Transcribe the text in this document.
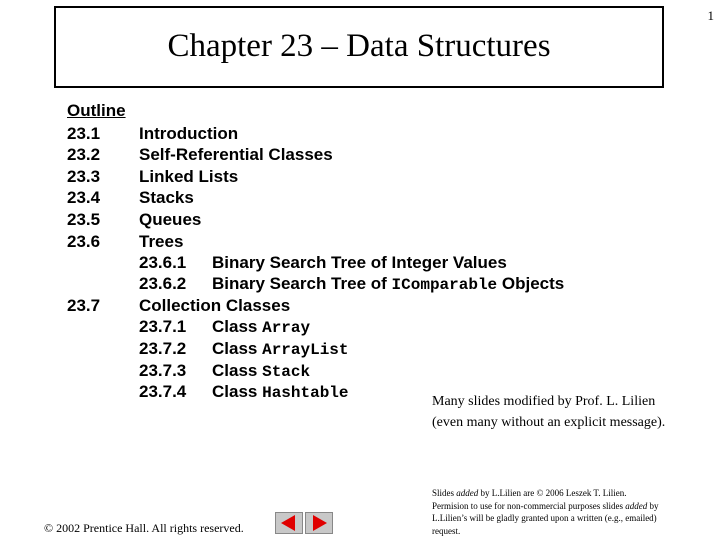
Chapter 23 – Data Structures
1
Outline
23.1 Introduction
23.2 Self-Referential Classes
23.3 Linked Lists
23.4 Stacks
23.5 Queues
23.6 Trees
23.6.1 Binary Search Tree of Integer Values
23.6.2 Binary Search Tree of IComparable Objects
23.7 Collection Classes
23.7.1 Class Array
23.7.2 Class ArrayList
23.7.3 Class Stack
23.7.4 Class Hashtable	Many slides modified by Prof. L. Lilien
(even many without an explicit message).
© 2002 Prentice Hall. All rights reserved.
Slides added by L.Lilien are © 2006 Leszek T. Lilien.
Permision to use for non-commercial purposes slides added by
L.Lilien’s will be gladly granted upon a written (e.g., emailed)
request.
